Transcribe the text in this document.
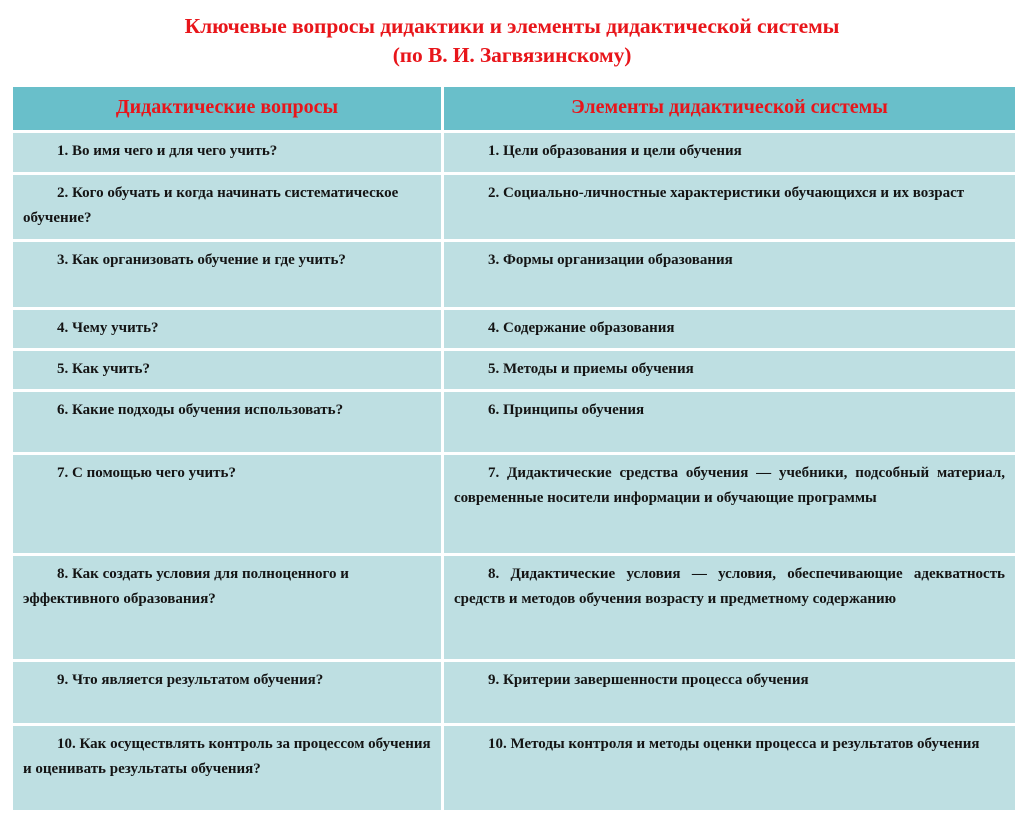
Ключевые вопросы дидактики и элементы дидактической системы
(по В. И. Загвязинскому)
Дидактические вопросы	Элементы дидактической системы

1. Во имя чего и для чего учить?	1. Цели образования и цели обучения

2. Кого обучать и когда начинать систематическое обучение?	2. Социально-личностные характеристики обучающихся и их возраст

3. Как организовать обучение и где учить?	3. Формы организации образования

4. Чему учить?	4. Содержание образования

5. Как учить?	5. Методы и приемы обучения

6. Какие подходы обучения использовать?	6. Принципы обучения

7. С помощью чего учить?	7. Дидактические средства обучения — учебники, подсобный материал, современные носители информации и обучающие программы

8. Как создать условия для полноценного и эффективного образования?	8. Дидактические условия — условия, обеспечивающие адекватность средств и методов обучения возрасту и предметному содержанию

9. Что является результатом обучения?	9. Критерии завершенности процесса обучения

10. Как осуществлять контроль за процессом обучения и оценивать результаты обучения?	10. Методы контроля и методы оценки процесса и результатов обучения
